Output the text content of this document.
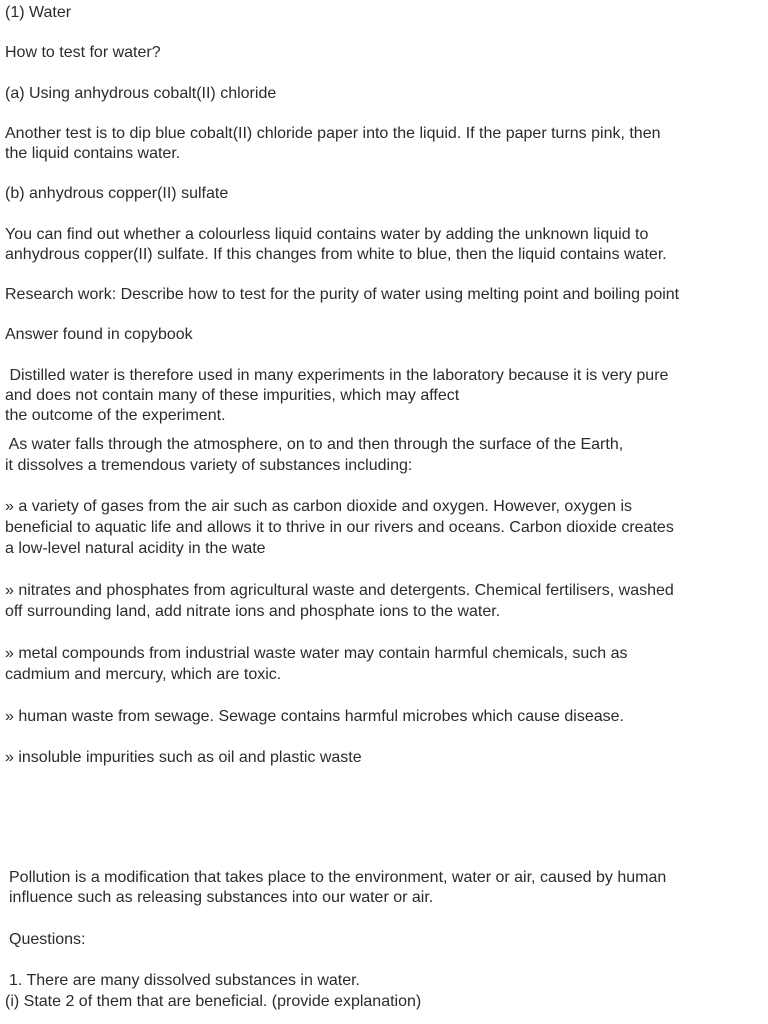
(1) Water

How to test for water?

(a) Using anhydrous cobalt(II) chloride

Another test is to dip blue cobalt(II) chloride paper into the liquid. If the paper turns pink, then

the liquid contains water.

(b) anhydrous copper(II) sulfate

You can find out whether a colourless liquid contains water by adding the unknown liquid to

anhydrous copper(II) sulfate. If this changes from white to blue, then the liquid contains water.

Research work: Describe how to test for the purity of water using melting point and boiling point

Answer found in copybook

Distilled water is therefore used in many experiments in the laboratory because it is very pure

and does not contain many of these impurities, which may affect

the outcome of the experiment.

As water falls through the atmosphere, on to and then through the surface of the Earth,

it dissolves a tremendous variety of substances including:

» a variety of gases from the air such as carbon dioxide and oxygen. However, oxygen is

beneficial to aquatic life and allows it to thrive in our rivers and oceans. Carbon dioxide creates

a low-level natural acidity in the wate

» nitrates and phosphates from agricultural waste and detergents. Chemical fertilisers, washed

off surrounding land, add nitrate ions and phosphate ions to the water.

» metal compounds from industrial waste water may contain harmful chemicals, such as

cadmium and mercury, which are toxic.

» human waste from sewage. Sewage contains harmful microbes which cause disease.

» insoluble impurities such as oil and plastic waste

Pollution is a modification that takes place to the environment, water or air, caused by human

influence such as releasing substances into our water or air.

Questions:

1. There are many dissolved substances in water.

(i) State 2 of them that are beneficial. (provide explanation)
